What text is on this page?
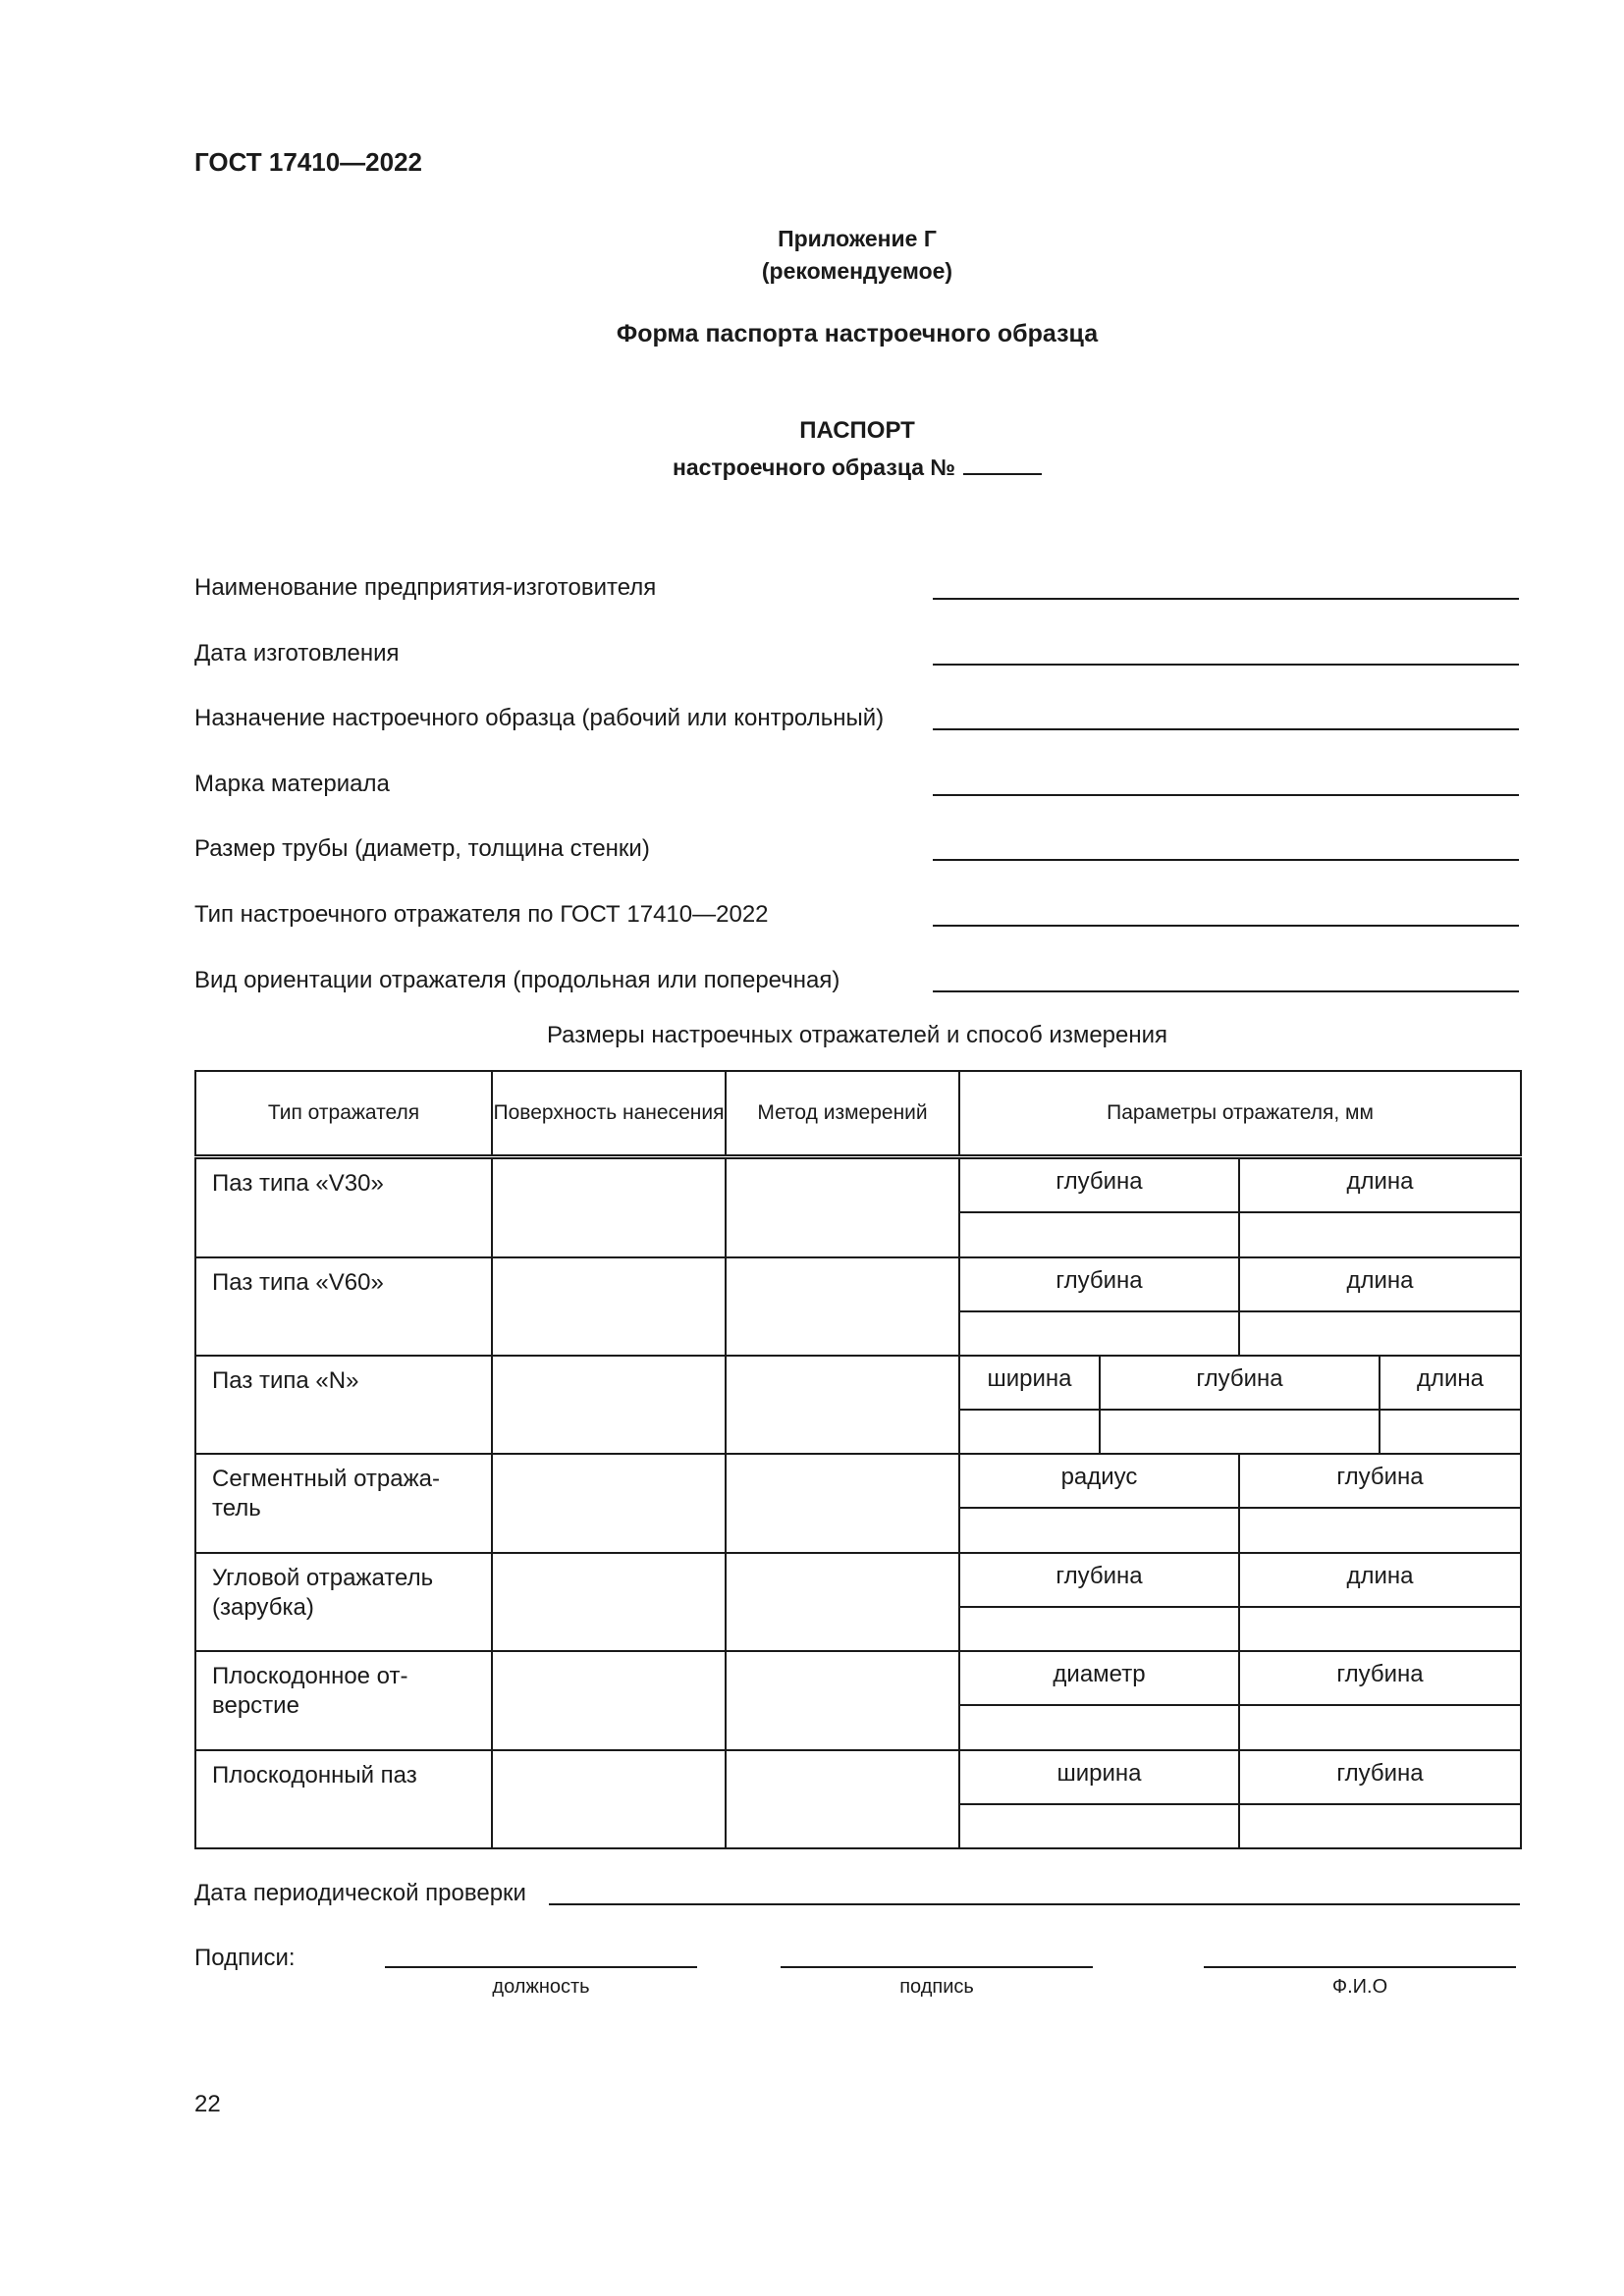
ГОСТ 17410—2022
Приложение Г
(рекомендуемое)
Форма паспорта настроечного образца
ПАСПОРТ
настроечного образца №
Наименование предприятия-изготовителя
Дата изготовления
Назначение настроечного образца (рабочий или контрольный)
Марка материала
Размер трубы (диаметр, толщина стенки)
Тип настроечного отражателя по ГОСТ 17410—2022
Вид ориентации отражателя (продольная или поперечная)
Размеры настроечных отражателей и способ измерения
Тип отражателя	Поверхность нанесения	Метод измерений	Параметры отражателя, мм			
Паз типа «V30»			глубина		длина	

Паз типа «V60»			глубина		длина	

Паз типа «N»			ширина	глубина		длина

Сегментный отража-тель			радиус		глубина	

Угловой отражатель (зарубка)			глубина		длина	

Плоскодонное от-верстие			диаметр		глубина	

Плоскодонный паз			ширина		глубина	

Дата периодической проверки
Подписи:
должность	подпись	Ф.И.О
22
